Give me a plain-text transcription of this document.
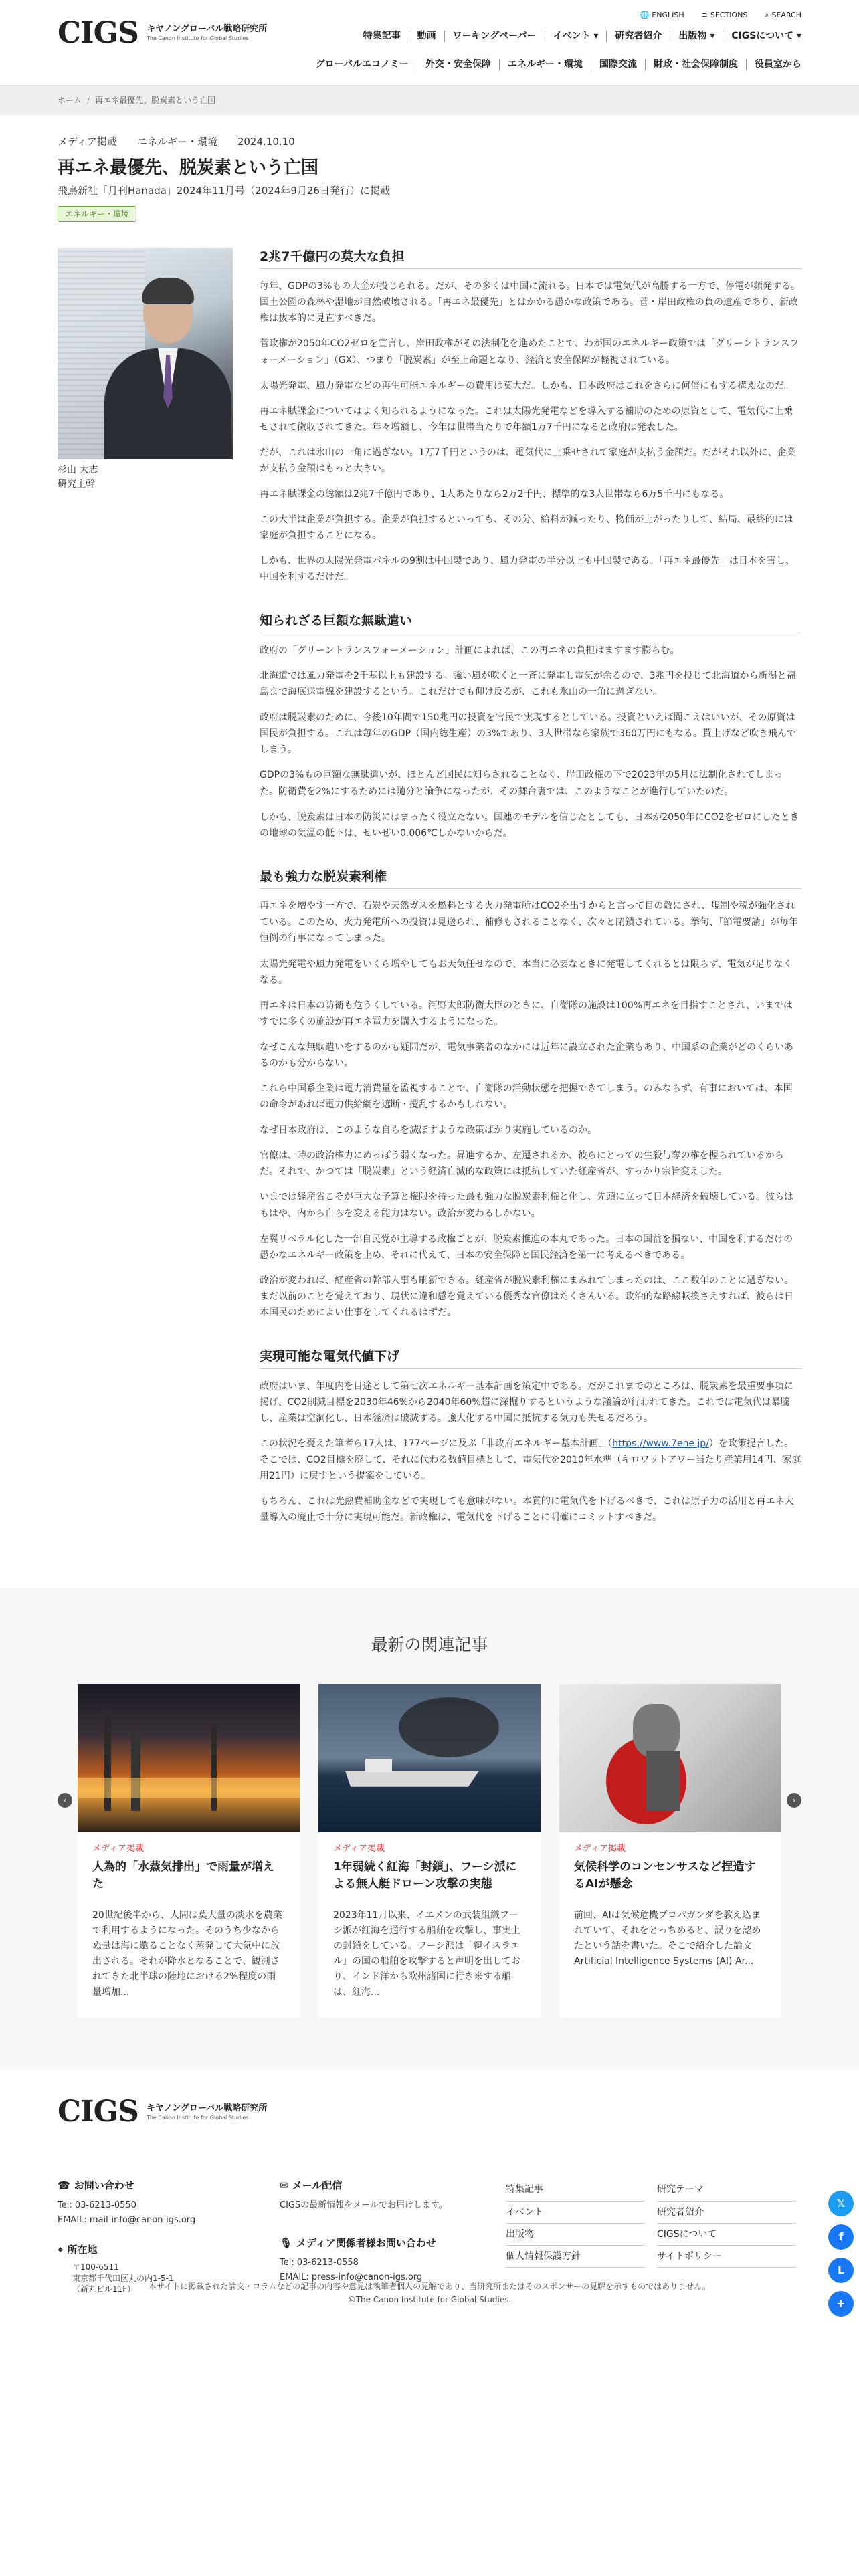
CIGS キヤノングローバル戦略研究所
The Canon Institute for Global Studies
🌐 ENGLISH ≡ SECTIONS ⌕ SEARCH
特集記事	動画	ワーキングペーパー	イベント ▾	研究者紹介	出版物 ▾	CIGSについて ▾
グローバルエコノミー	外交・安全保障	エネルギー・環境	国際交流	財政・社会保障制度	役員室から
ホーム / 再エネ最優先、脱炭素という亡国
メディア掲載 エネルギー・環境 2024.10.10
再エネ最優先、脱炭素という亡国
飛鳥新社「月刊Hanada」2024年11月号（2024年9月26日発行）に掲載
エネルギー・環境
杉山 大志
研究主幹
2兆7千億円の莫大な負担

毎年、GDPの3%もの大金が投じられる。だが、その多くは中国に流れる。日本では電気代が高騰する一方で、停電が頻発する。国土公園の森林や湿地が自然破壊される。「再エネ最優先」とはかかる愚かな政策である。菅・岸田政権の負の遺産であり、新政権は抜本的に見直すべきだ。

菅政権が2050年CO2ゼロを宣言し、岸田政権がその法制化を進めたことで、わが国のエネルギー政策では「グリーントランスフォーメーション」（GX）、つまり「脱炭素」が至上命題となり、経済と安全保障が軽視されている。

太陽光発電、風力発電などの再生可能エネルギーの費用は莫大だ。しかも、日本政府はこれをさらに何倍にもする構えなのだ。

再エネ賦課金についてはよく知られるようになった。これは太陽光発電などを導入する補助のための原資として、電気代に上乗せされて徴収されてきた。年々増額し、今年は世帯当たりで年額1万7千円になると政府は発表した。

だが、これは氷山の一角に過ぎない。1万7千円というのは、電気代に上乗せされて家庭が支払う金額だ。だがそれ以外に、企業が支払う金額はもっと大きい。

再エネ賦課金の総額は2兆7千億円であり、1人あたりなら2万2千円、標準的な3人世帯なら6万5千円にもなる。

この大半は企業が負担する。企業が負担するといっても、その分、給料が減ったり、物価が上がったりして、結局、最終的には家庭が負担することになる。

しかも、世界の太陽光発電パネルの9割は中国製であり、風力発電の半分以上も中国製である。「再エネ最優先」は日本を害し、中国を利するだけだ。

知られざる巨額な無駄遣い

政府の「グリーントランスフォーメーション」計画によれば、この再エネの負担はますます膨らむ。

北海道では風力発電を2千基以上も建設する。強い風が吹くと一斉に発電し電気が余るので、3兆円を投じて北海道から新潟と福島まで海底送電線を建設するという。これだけでも仰け反るが、これも氷山の一角に過ぎない。

政府は脱炭素のために、今後10年間で150兆円の投資を官民で実現するとしている。投資といえば聞こえはいいが、その原資は国民が負担する。これは毎年のGDP（国内総生産）の3%であり、3人世帯なら家族で360万円にもなる。貰上げなど吹き飛んでしまう。

GDPの3%もの巨額な無駄遣いが、ほとんど国民に知らされることなく、岸田政権の下で2023年の5月に法制化されてしまった。防衛費を2%にするためには随分と論争になったが、その舞台裏では、このようなことが進行していたのだ。

しかも、脱炭素は日本の防災にはまったく役立たない。国連のモデルを信じたとしても、日本が2050年にCO2をゼロにしたときの地球の気温の低下は、せいぜい0.006℃しかないからだ。

最も強力な脱炭素利権

再エネを増やす一方で、石炭や天然ガスを燃料とする火力発電所はCO2を出すからと言って目の敵にされ、規制や税が強化されている。このため、火力発電所への投資は見送られ、補修もされることなく、次々と閉鎖されている。挙句、「節電要請」が毎年恒例の行事になってしまった。

太陽光発電や風力発電をいくら増やしてもお天気任せなので、本当に必要なときに発電してくれるとは限らず、電気が足りなくなる。

再エネは日本の防衛も危うくしている。河野太郎防衛大臣のときに、自衛隊の施設は100%再エネを目指すことされ、いまではすでに多くの施設が再エネ電力を購入するようになった。

なぜこんな無駄遣いをするのかも疑問だが、電気事業者のなかには近年に設立された企業もあり、中国系の企業がどのくらいあるのかも分からない。

これら中国系企業は電力消費量を監視することで、自衛隊の活動状態を把握できてしまう。のみならず、有事においては、本国の命令があれば電力供給網を遮断・攪乱するかもしれない。

なぜ日本政府は、このような自らを滅ぼすような政策ばかり実施しているのか。

官僚は、時の政治権力にめっぽう弱くなった。昇進するか、左遷されるか、彼らにとっての生殺与奪の権を握られているからだ。それで、かつては「脱炭素」という経済自滅的な政策には抵抗していた経産省が、すっかり宗旨変えした。

いまでは経産省こそが巨大な予算と権限を持った最も強力な脱炭素利権と化し、先頭に立って日本経済を破壊している。彼らはもはや、内から自らを変える能力はない。政治が変わるしかない。

左翼リベラル化した一部自民党が主導する政権ごとが、脱炭素推進の本丸であった。日本の国益を損ない、中国を利するだけの愚かなエネルギー政策を止め、それに代えて、日本の安全保障と国民経済を第一に考えるべきである。

政治が変われば、経産省の幹部人事も刷新できる。経産省が脱炭素利権にまみれてしまったのは、ここ数年のことに過ぎない。まだ以前のことを覚えており、現状に違和感を覚えている優秀な官僚はたくさんいる。政治的な路線転換さえすれば、彼らは日本国民のためによい仕事をしてくれるはずだ。

実現可能な電気代値下げ

政府はいま、年度内を目途として第七次エネルギー基本計画を策定中である。だがこれまでのところは、脱炭素を最重要事項に掲げ、CO2削減目標を2030年46%から2040年60%超に深掘りするというような議論が行われてきた。これでは電気代は暴騰し、産業は空洞化し、日本経済は破滅する。強大化する中国に抵抗する気力も失せるだろう。

この状況を憂えた筆者ら17人は、177ページに及ぶ「非政府エネルギー基本計画」（https://www.7ene.jp/）を政策提言した。そこでは、CO2目標を廃して、それに代わる数値目標として、電気代を2010年水準（キロワットアワー当たり産業用14円、家庭用21円）に戻すという提案をしている。

もちろん、これは光熱費補助金などで実現しても意味がない。本質的に電気代を下げるべきで、これは原子力の活用と再エネ大量導入の廃止で十分に実現可能だ。新政権は、電気代を下げることに明確にコミットすべきだ。

最新の関連記事
‹	›
メディア掲載
人為的「水蒸気排出」で雨量が増えた
20世紀後半から、人間は莫大量の淡水を農業で利用するようになった。そのうち少なからぬ量は海に還ることなく蒸発して大気中に放出される。それが降水となることで、観測されてきた北半球の陸地における2%程度の雨量増加...
メディア掲載
1年弱続く紅海「封鎖」、フーシ派による無人艇ドローン攻撃の実態
2023年11月以来、イエメンの武装組織フーシ派が紅海を通行する船舶を攻撃し、事実上の封鎖をしている。フーシ派は「親イスラエル」の国の船舶を攻撃すると声明を出しており、インド洋から欧州諸国に行き来する船は、紅海...
メディア掲載
気候科学のコンセンサスなど捏造するAIが懸念
前回、AIは気候危機プロパガンダを教え込まれていて、それをとっちめると、誤りを認めたという話を書いた。そこで紹介した論文 Artificial Intelligence Systems (AI) Ar...
CIGS キヤノングローバル戦略研究所
The Canon Institute for Global Studies
☎ お問い合わせ
Tel: 03-6213-0550
EMAIL: mail-info@canon-igs.org
⌖ 所在地
〒100-6511
東京都千代田区丸の内1-5-1
（新丸ビル11F）
✉ メール配信
CIGSの最新情報をメールでお届けします。
🎙 メディア関係者様お問い合わせ
Tel: 03-6213-0558
EMAIL: press-info@canon-igs.org
特集記事	研究テーマ
イベント	研究者紹介
出版物	CIGSについて
個人情報保護方針	サイトポリシー
本サイトに掲載された論文・コラムなどの記事の内容や意見は執筆者個人の見解であり、当研究所またはそのスポンサーの見解を示すものではありません。
©The Canon Institute for Global Studies.
𝕏
f
L
+
